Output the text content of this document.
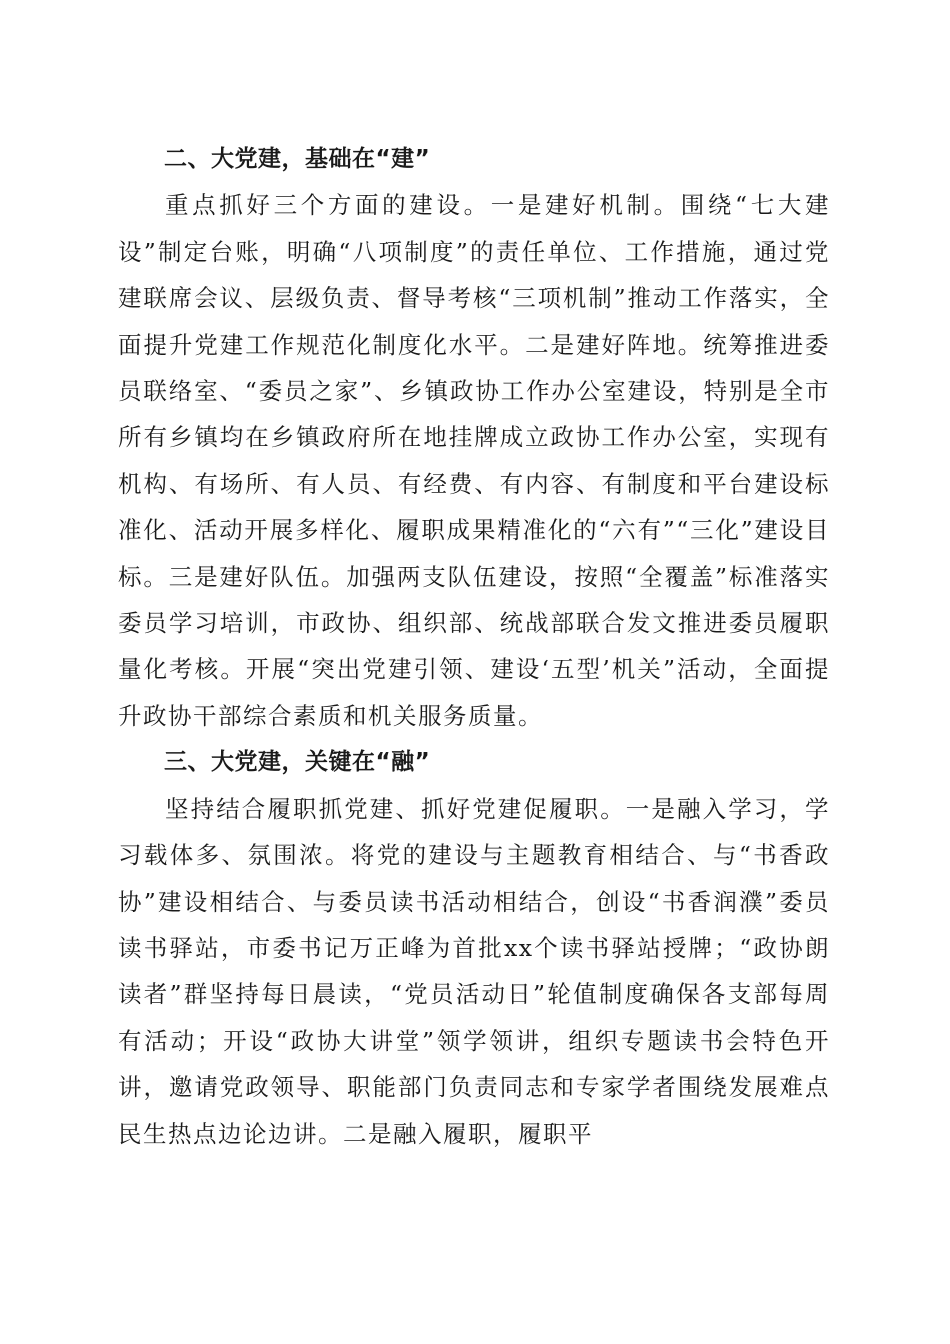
二、大党建，基础在“建”

重点抓好三个方面的建设。一是建好机制。围绕“七大建设”制定台账，明确“八项制度”的责任单位、工作措施，通过党建联席会议、层级负责、督导考核“三项机制”推动工作落实，全面提升党建工作规范化制度化水平。二是建好阵地。统筹推进委员联络室、“委员之家”、乡镇政协工作办公室建设，特别是全市所有乡镇均在乡镇政府所在地挂牌成立政协工作办公室，实现有机构、有场所、有人员、有经费、有内容、有制度和平台建设标准化、活动开展多样化、履职成果精准化的“六有”“三化”建设目标。三是建好队伍。加强两支队伍建设，按照“全覆盖”标准落实委员学习培训，市政协、组织部、统战部联合发文推进委员履职量化考核。开展“突出党建引领、建设‘五型’机关”活动，全面提升政协干部综合素质和机关服务质量。

三、大党建，关键在“融”

坚持结合履职抓党建、抓好党建促履职。一是融入学习，学习载体多、氛围浓。将党的建设与主题教育相结合、与“书香政协”建设相结合、与委员读书活动相结合，创设“书香润濮”委员读书驿站，市委书记万正峰为首批xx个读书驿站授牌；“政协朗读者”群坚持每日晨读，“党员活动日”轮值制度确保各支部每周有活动；开设“政协大讲堂”领学领讲，组织专题读书会特色开讲，邀请党政领导、职能部门负责同志和专家学者围绕发展难点民生热点边论边讲。二是融入履职，履职平
